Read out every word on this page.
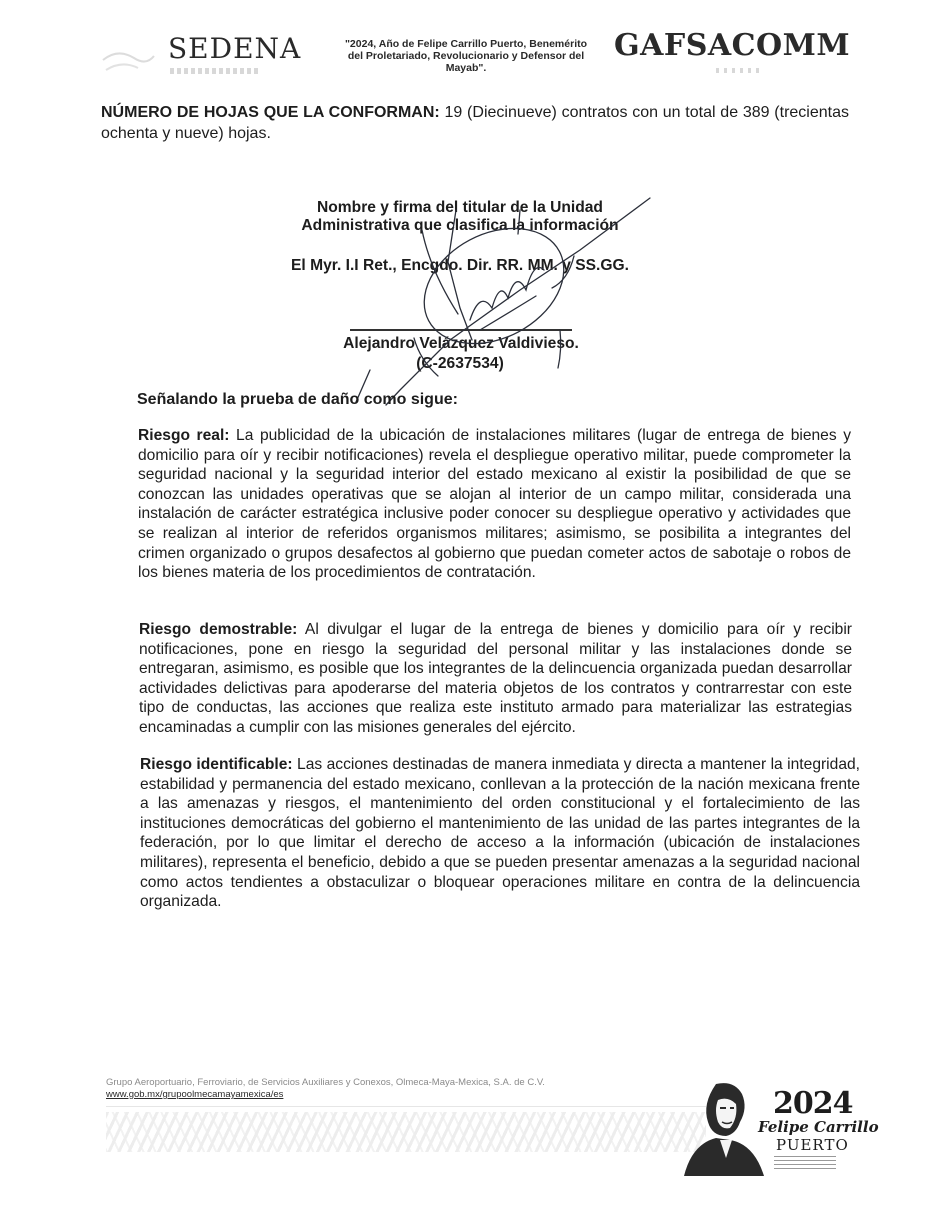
SEDENA	"2024, Año de Felipe Carrillo Puerto, Benemérito del Proletariado, Revolucionario y Defensor del Mayab".
GAFSACOMM
NÚMERO DE HOJAS QUE LA CONFORMAN: 19 (Diecinueve) contratos con un total de 389 (trecientas ochenta y nueve) hojas.
Nombre y firma del titular de la Unidad
Administrativa que clasifica la información
El Myr. I.I Ret., Encgdo. Dir. RR. MM. y SS.GG.
Alejandro Velázquez Valdivieso.
(C-2637534)
Señalando la prueba de daño como sigue:
Riesgo real: La publicidad de la ubicación de instalaciones militares (lugar de entrega de bienes y domicilio para oír y recibir notificaciones) revela el despliegue operativo militar, puede comprometer la seguridad nacional y la seguridad interior del estado mexicano al existir la posibilidad de que se conozcan las unidades operativas que se alojan al interior de un campo militar, considerada una instalación de carácter estratégica inclusive poder conocer su despliegue operativo y actividades que se realizan al interior de referidos organismos militares; asimismo, se posibilita a integrantes del crimen organizado o grupos desafectos al gobierno que puedan cometer actos de sabotaje o robos de los bienes materia de los procedimientos de contratación.
Riesgo demostrable: Al divulgar el lugar de la entrega de bienes y domicilio para oír y recibir notificaciones, pone en riesgo la seguridad del personal militar y las instalaciones donde se entregaran, asimismo, es posible que los integrantes de la delincuencia organizada puedan desarrollar actividades delictivas para apoderarse del materia objetos de los contratos y contrarrestar con este tipo de conductas, las acciones que realiza este instituto armado para materializar las estrategias encaminadas a cumplir con las misiones generales del ejército.
Riesgo identificable: Las acciones destinadas de manera inmediata y directa a mantener la integridad, estabilidad y permanencia del estado mexicano, conllevan a la protección de la nación mexicana frente a las amenazas y riesgos, el mantenimiento del orden constitucional y el fortalecimiento de las instituciones democráticas del gobierno el mantenimiento de las unidad de las partes integrantes de la federación, por lo que limitar el derecho de acceso a la información (ubicación de instalaciones militares), representa el beneficio, debido a que se pueden presentar amenazas a la seguridad nacional como actos tendientes a obstaculizar o bloquear operaciones militare en contra de la delincuencia organizada.
Grupo Aeroportuario, Ferroviario, de Servicios Auxiliares y Conexos, Olmeca-Maya-Mexica, S.A. de C.V.
www.gob.mx/grupoolmecamayamexica/es	2024
Felipe Carrillo
PUERTO
